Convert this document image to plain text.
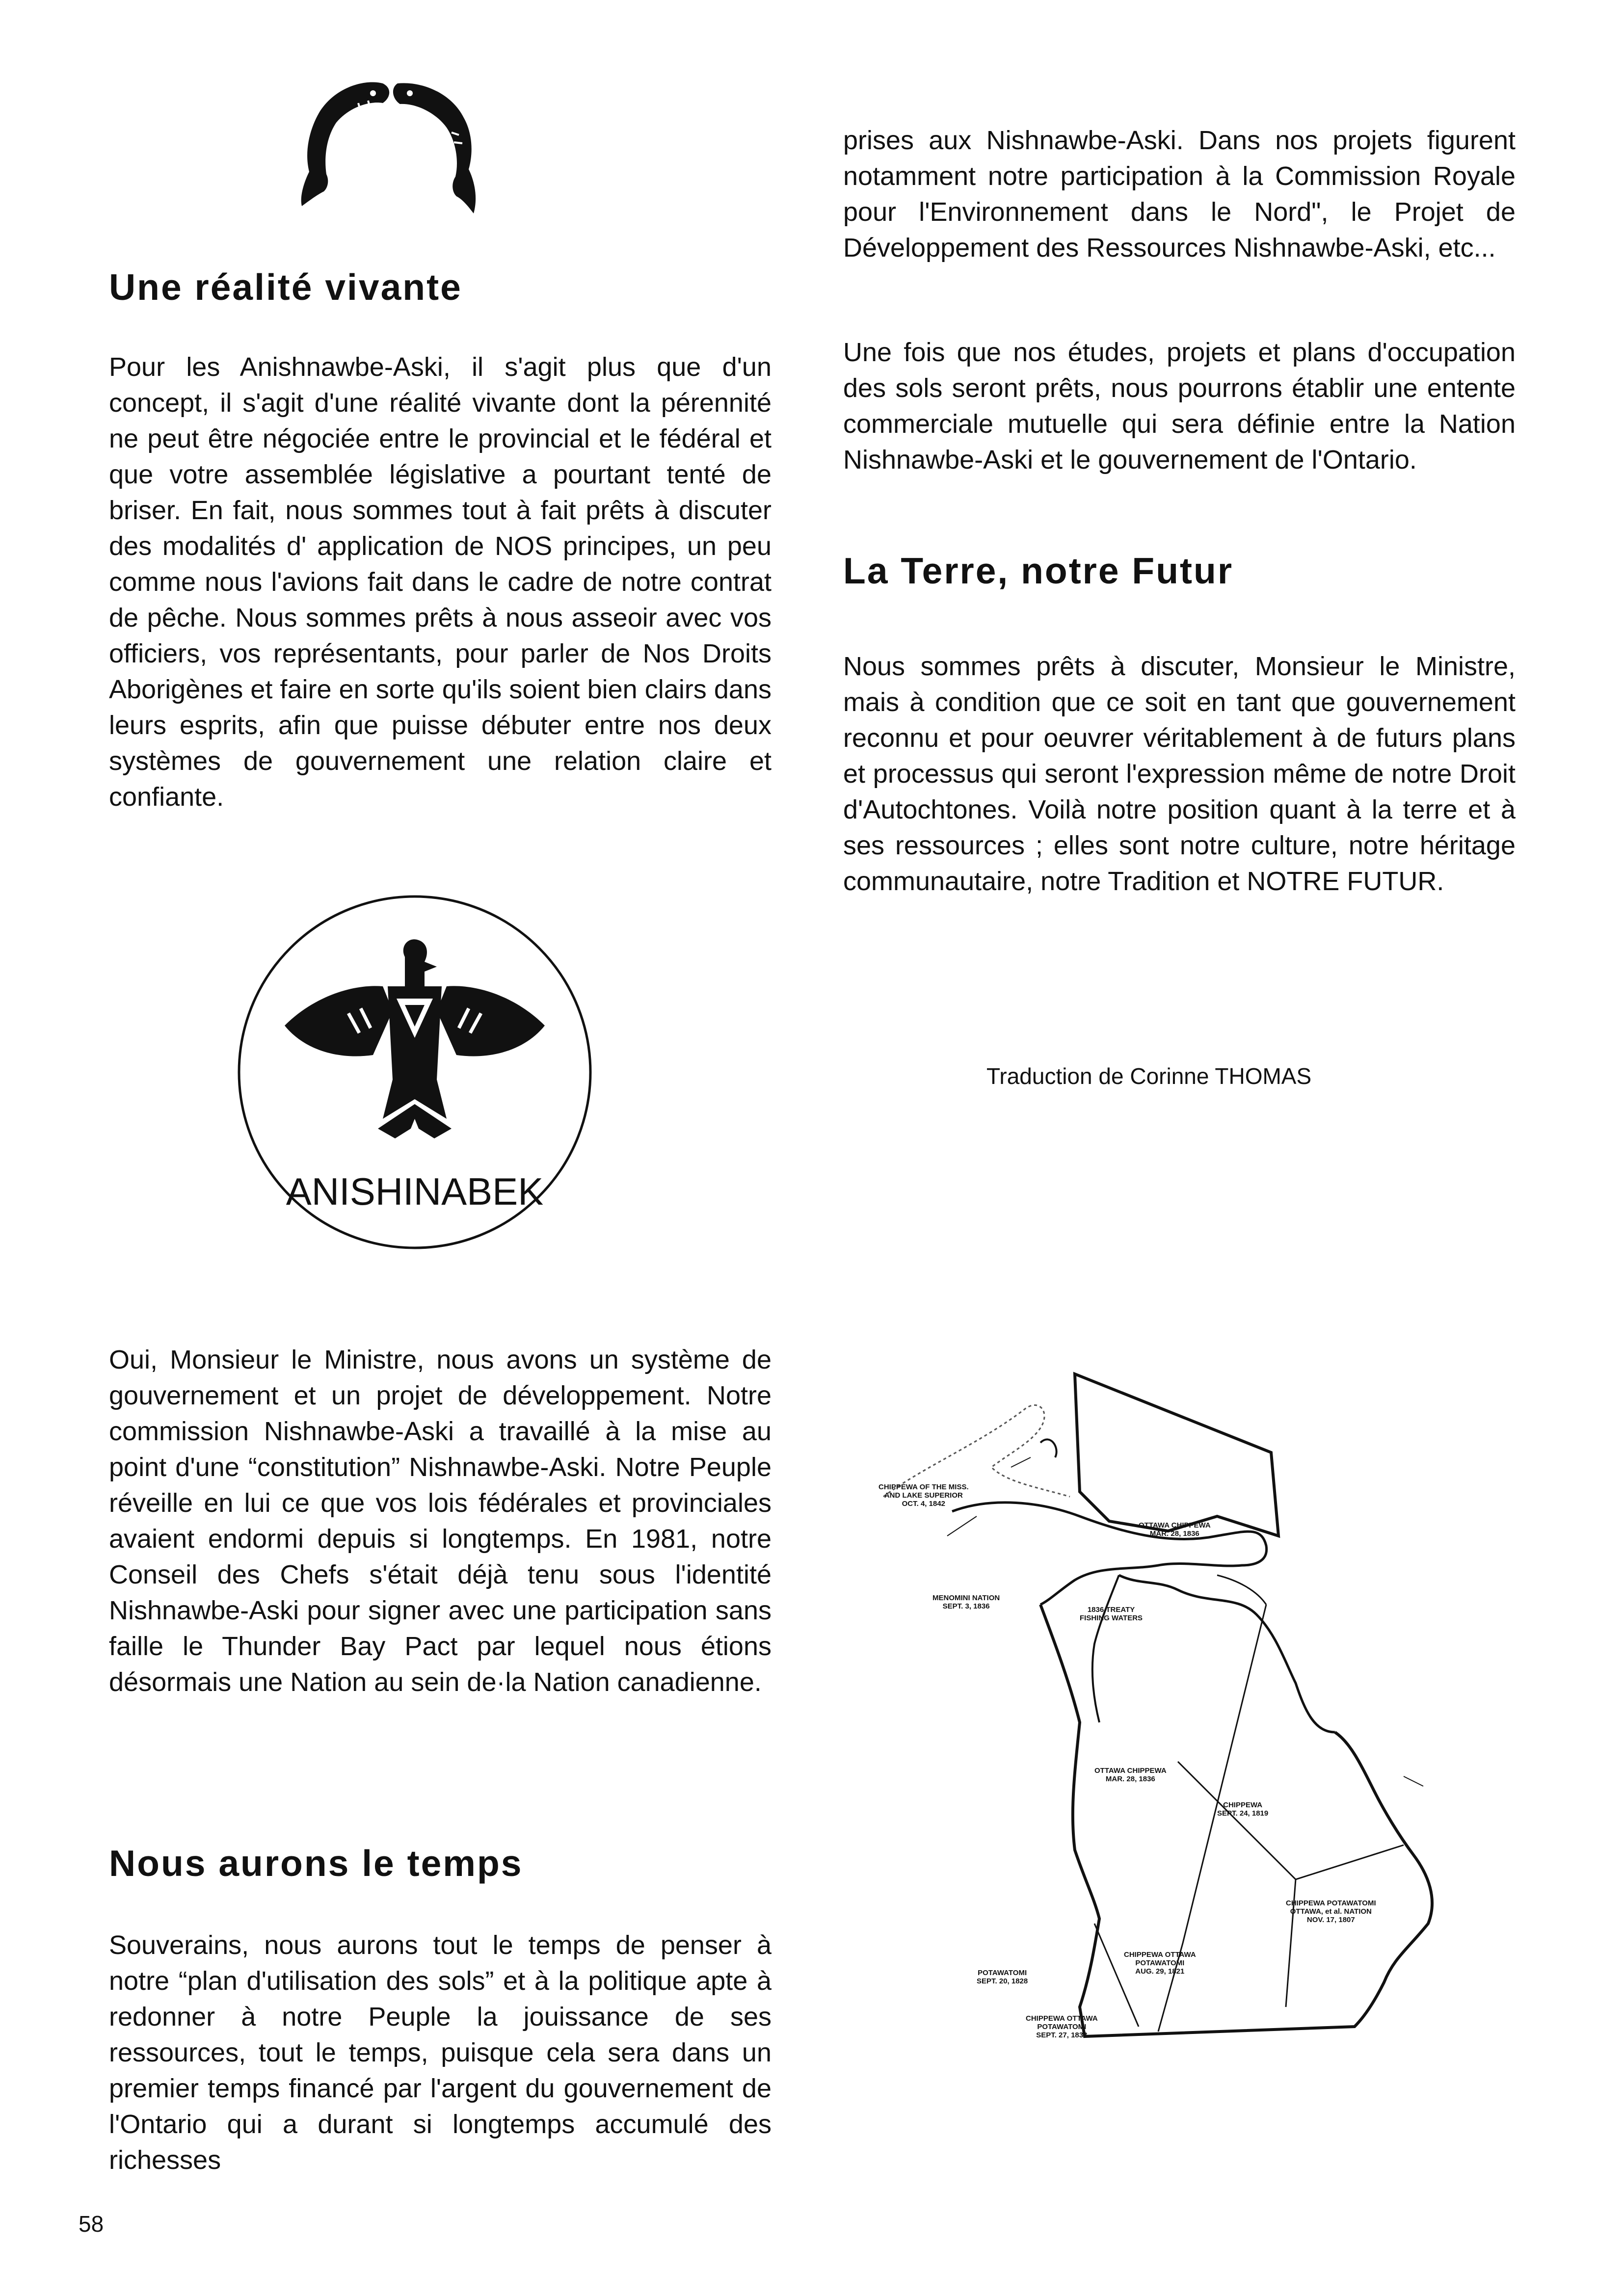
Une réalité vivante

Pour les Anishnawbe-Aski, il s'agit plus que d'un concept, il s'agit d'une réalité vivante dont la pérennité ne peut être négociée entre le provincial et le fédéral et que votre assemblée législative a pourtant tenté de briser. En fait, nous sommes tout à fait prêts à discuter des modalités d' application de NOS principes, un peu comme nous l'avions fait dans le cadre de notre contrat de pêche. Nous sommes prêts à nous asseoir avec vos officiers, vos représentants, pour parler de Nos Droits Aborigènes et faire en sorte qu'ils soient bien clairs dans leurs esprits, afin que puisse débuter entre nos deux systèmes de gouvernement une relation claire et confiante.

ANISHINABEK

Oui, Monsieur le Ministre, nous avons un système de gouvernement et un projet de développement. Notre commission Nishnawbe-Aski a travaillé à la mise au point d'une “constitution” Nishnawbe-Aski. Notre Peuple réveille en lui ce que vos lois fédérales et provinciales avaient endormi depuis si longtemps. En 1981, notre Conseil des Chefs s'était déjà tenu sous l'identité Nishnawbe-Aski pour signer avec une participation sans faille le Thunder Bay Pact par lequel nous étions désormais une Nation au sein de·la Nation canadienne.

Nous aurons le temps

Souverains, nous aurons tout le temps de penser à notre “plan d'utilisation des sols” et à la politique apte à redonner à notre Peuple la jouissance de ses ressources, tout le temps, puisque cela sera dans un premier temps financé par l'argent du gouvernement de l'Ontario qui a durant si longtemps accumulé des richesses

58

prises aux Nishnawbe-Aski. Dans nos projets figurent notamment notre participation à la Commission Royale pour l'Environnement dans le Nord", le Projet de Développement des Ressources Nishnawbe-Aski, etc...

Une fois que nos études, projets et plans d'occupation des sols seront prêts, nous pourrons établir une entente commerciale mutuelle qui sera définie entre la Nation Nishnawbe-Aski et le gouvernement de l'Ontario.

La Terre, notre Futur

Nous sommes prêts à discuter, Monsieur le Ministre, mais à condition que ce soit en tant que gouvernement reconnu et pour oeuvrer véritablement à de futurs plans et processus qui seront l'expression même de notre Droit d'Autochtones. Voilà notre position quant à la terre et à ses ressources ; elles sont notre culture, notre héritage communautaire, notre Tradition et NOTRE FUTUR.

Traduction de Corinne THOMAS
CHIPPEWA OF THE MISS.
AND LAKE SUPERIOR
OCT. 4, 1842
OTTAWA CHIPPEWA
MAR. 28, 1836
MENOMINI NATION
SEPT. 3, 1836	1836 TREATY
FISHING WATERS
OTTAWA CHIPPEWA
MAR. 28, 1836
CHIPPEWA
SEPT. 24, 1819
CHIPPEWA POTAWATOMI
OTTAWA, et al. NATION
NOV. 17, 1807
CHIPPEWA OTTAWA
POTAWATOMI
AUG. 29, 1821
POTAWATOMI
SEPT. 20, 1828
CHIPPEWA OTTAWA
POTAWATOMI
SEPT. 27, 1833
